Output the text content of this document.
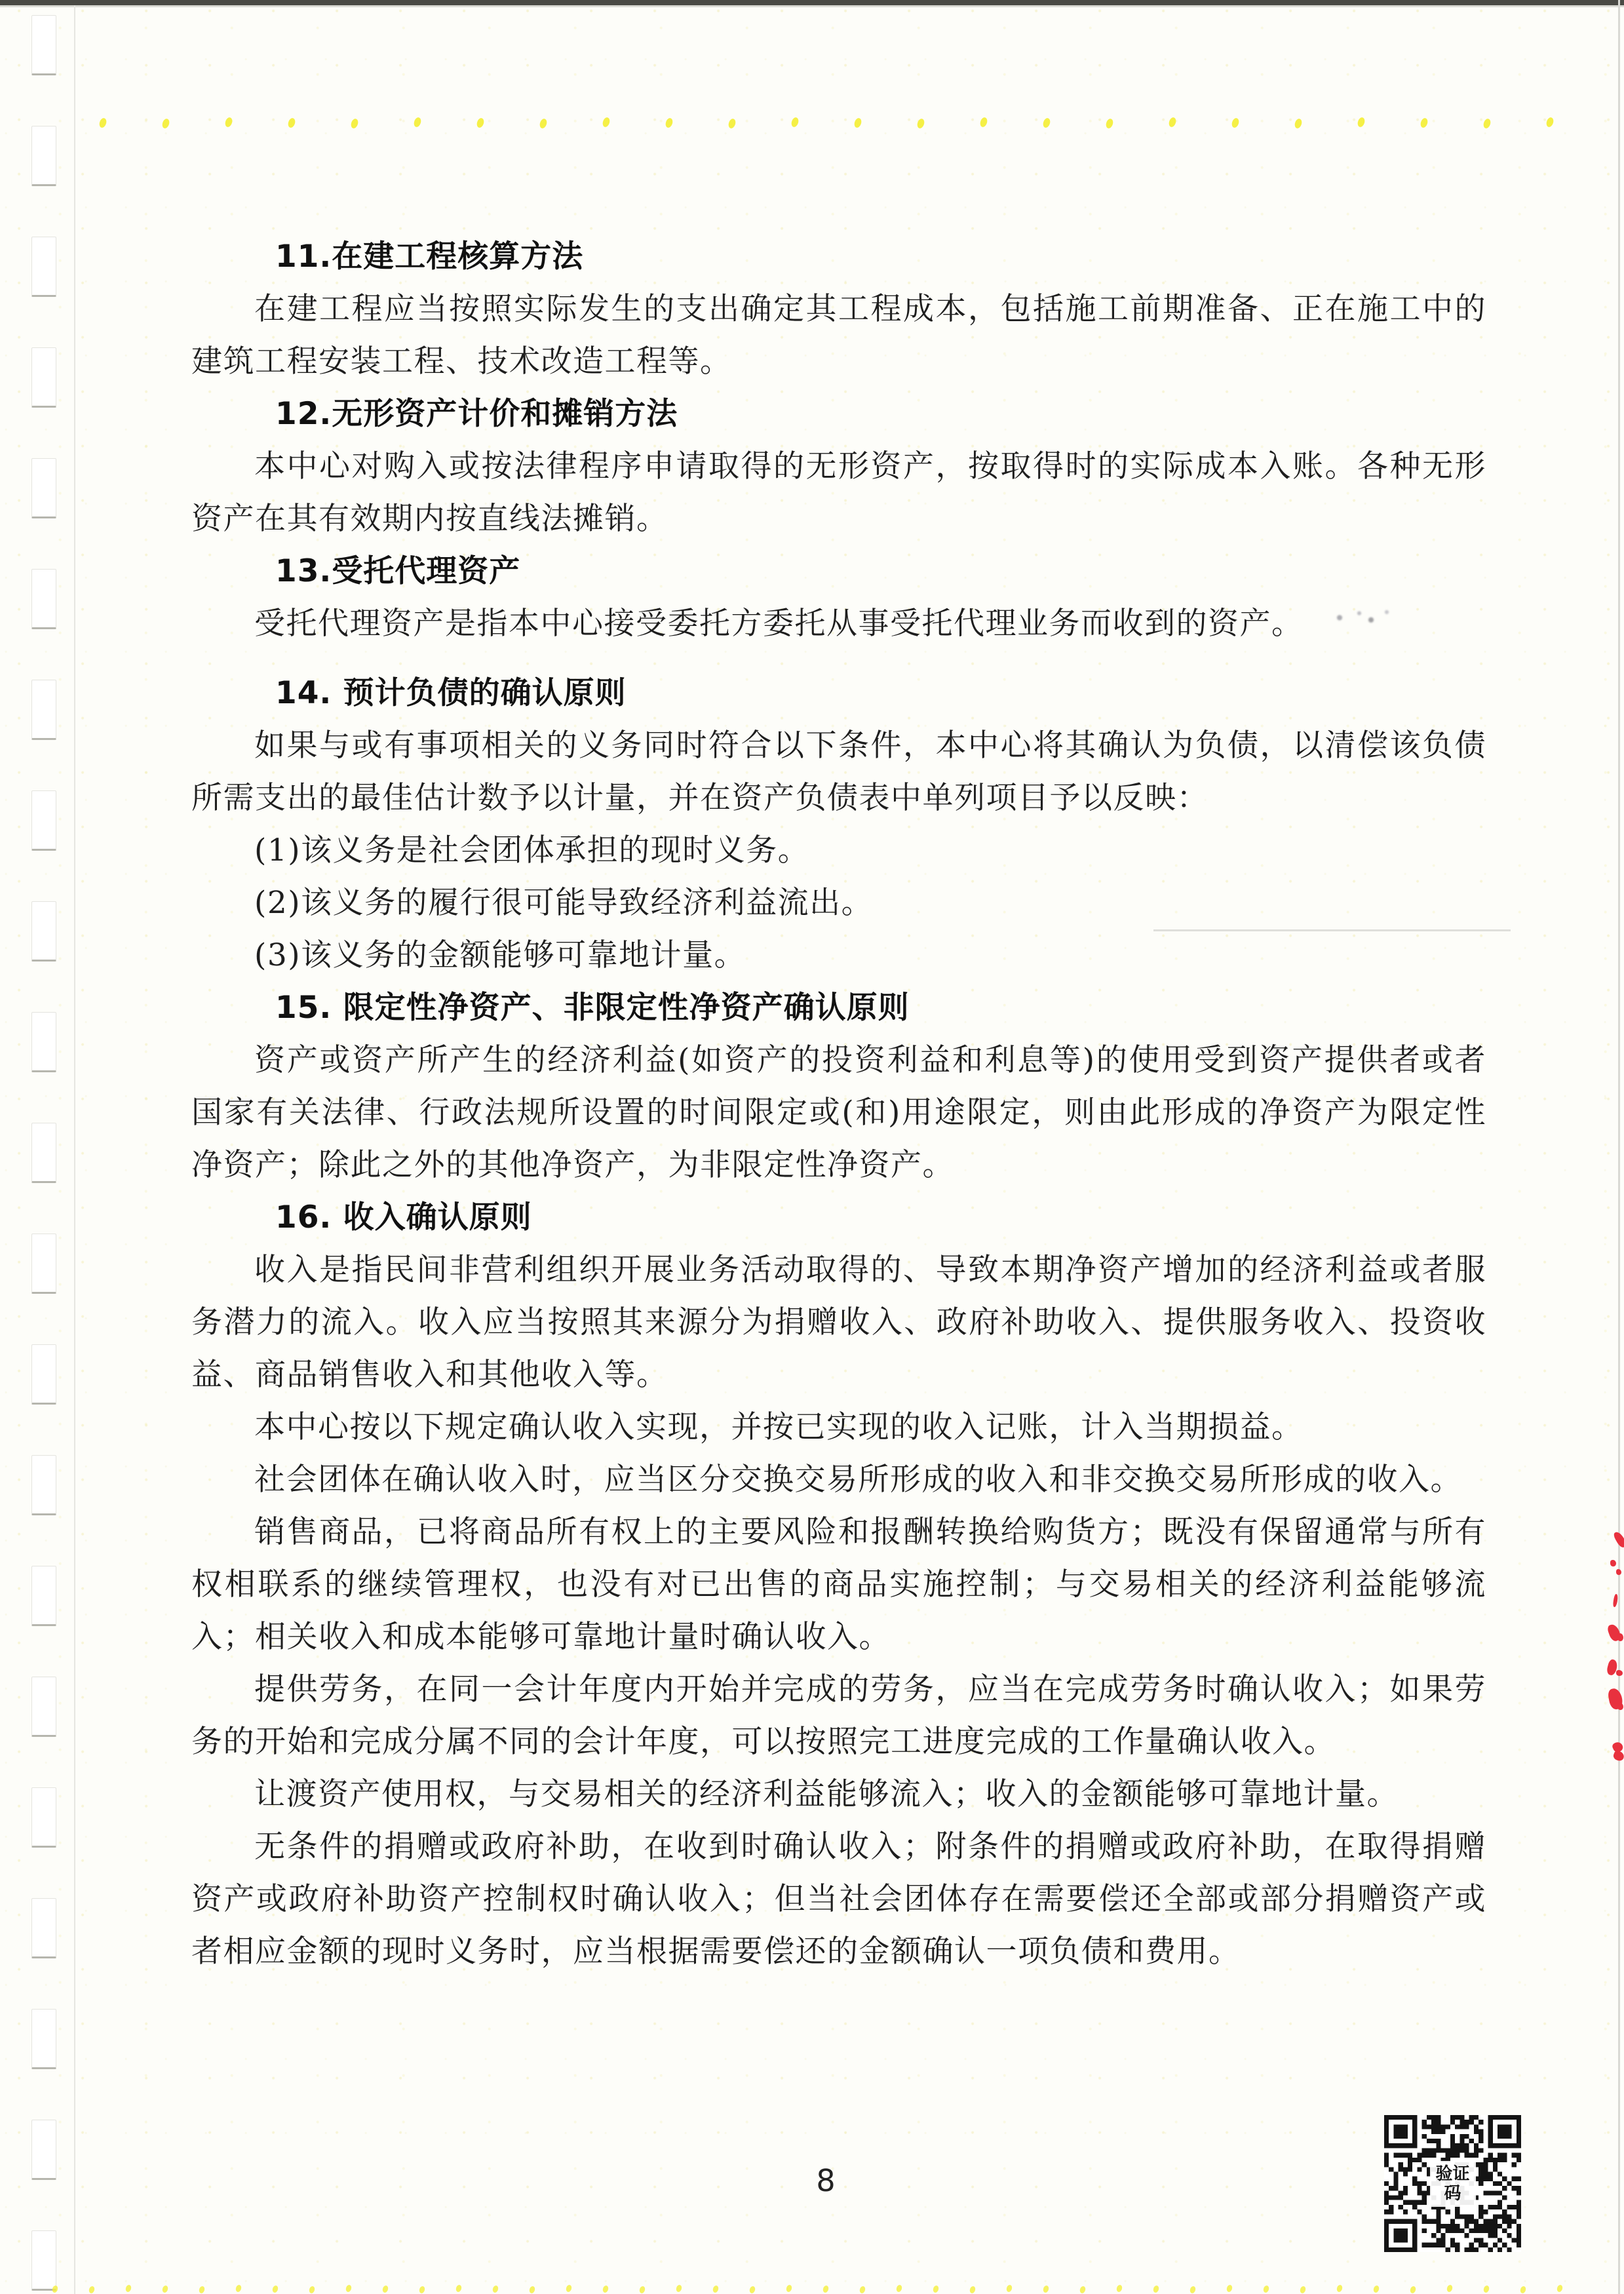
11.在建工程核算方法

在建工程应当按照实际发生的支出确定其工程成本，包括施工前期准备、正在施工中的建筑工程安装工程、技术改造工程等。

12.无形资产计价和摊销方法

本中心对购入或按法律程序申请取得的无形资产，按取得时的实际成本入账。各种无形资产在其有效期内按直线法摊销。

13.受托代理资产

受托代理资产是指本中心接受委托方委托从事受托代理业务而收到的资产。

14. 预计负债的确认原则

如果与或有事项相关的义务同时符合以下条件，本中心将其确认为负债，以清偿该负债所需支出的最佳估计数予以计量，并在资产负债表中单列项目予以反映：

(1)该义务是社会团体承担的现时义务。

(2)该义务的履行很可能导致经济利益流出。

(3)该义务的金额能够可靠地计量。

15. 限定性净资产、非限定性净资产确认原则

资产或资产所产生的经济利益(如资产的投资利益和利息等)的使用受到资产提供者或者国家有关法律、行政法规所设置的时间限定或(和)用途限定，则由此形成的净资产为限定性净资产；除此之外的其他净资产，为非限定性净资产。

16. 收入确认原则

收入是指民间非营利组织开展业务活动取得的、导致本期净资产增加的经济利益或者服务潜力的流入。收入应当按照其来源分为捐赠收入、政府补助收入、提供服务收入、投资收益、商品销售收入和其他收入等。

本中心按以下规定确认收入实现，并按已实现的收入记账，计入当期损益。

社会团体在确认收入时，应当区分交换交易所形成的收入和非交换交易所形成的收入。

销售商品，已将商品所有权上的主要风险和报酬转换给购货方；既没有保留通常与所有权相联系的继续管理权，也没有对已出售的商品实施控制；与交易相关的经济利益能够流入；相关收入和成本能够可靠地计量时确认收入。

提供劳务，在同一会计年度内开始并完成的劳务，应当在完成劳务时确认收入；如果劳务的开始和完成分属不同的会计年度，可以按照完工进度完成的工作量确认收入。

让渡资产使用权，与交易相关的经济利益能够流入；收入的金额能够可靠地计量。

无条件的捐赠或政府补助，在收到时确认收入；附条件的捐赠或政府补助，在取得捐赠资产或政府补助资产控制权时确认收入；但当社会团体存在需要偿还全部或部分捐赠资产或者相应金额的现时义务时，应当根据需要偿还的金额确认一项负债和费用。

8	验证码
